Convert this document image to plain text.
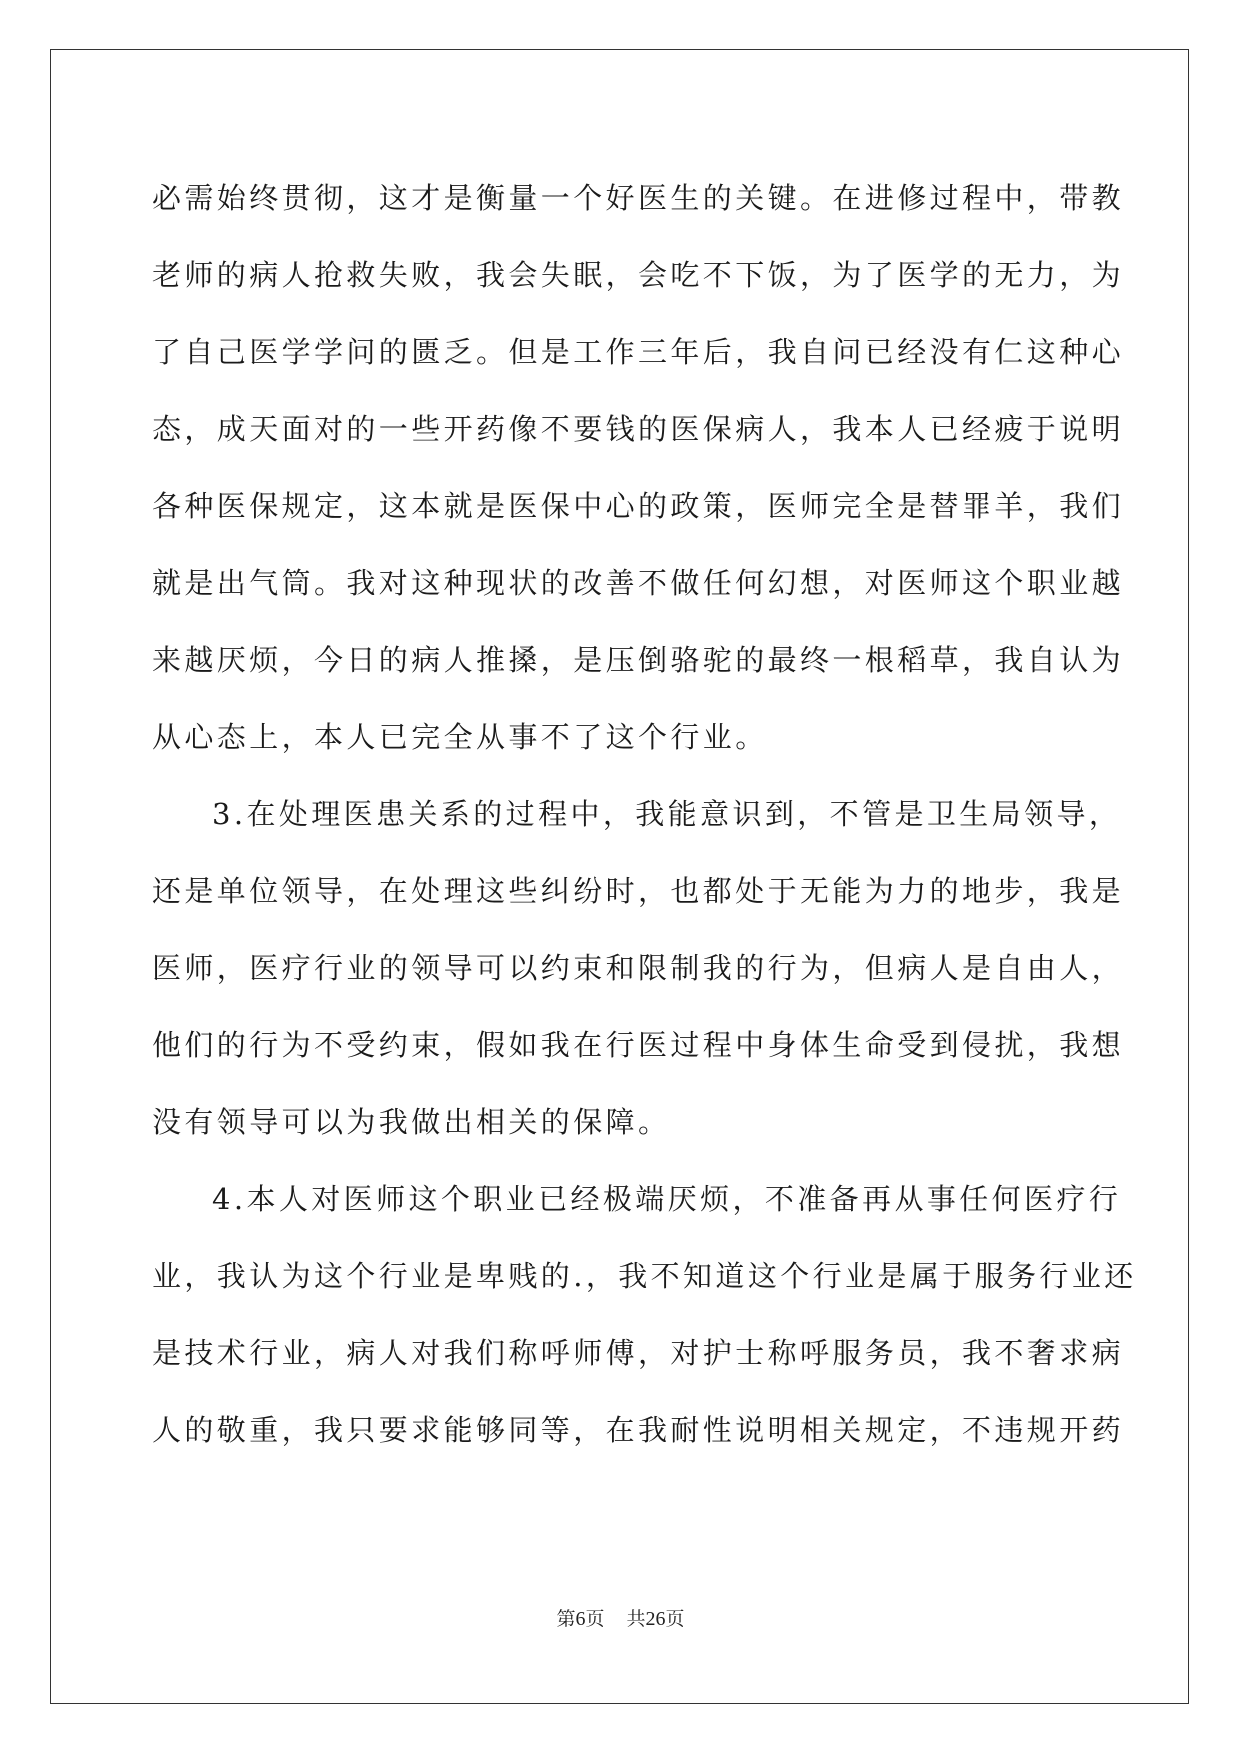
必需始终贯彻，这才是衡量一个好医生的关键。在进修过程中，带教
老师的病人抢救失败，我会失眠，会吃不下饭，为了医学的无力，为
了自己医学学问的匮乏。但是工作三年后，我自问已经没有仁这种心
态，成天面对的一些开药像不要钱的医保病人，我本人已经疲于说明
各种医保规定，这本就是医保中心的政策，医师完全是替罪羊，我们
就是出气筒。我对这种现状的改善不做任何幻想，对医师这个职业越
来越厌烦，今日的病人推搡，是压倒骆驼的最终一根稻草，我自认为
从心态上，本人已完全从事不了这个行业。
3.在处理医患关系的过程中，我能意识到，不管是卫生局领导，
还是单位领导，在处理这些纠纷时，也都处于无能为力的地步，我是
医师，医疗行业的领导可以约束和限制我的行为，但病人是自由人，
他们的行为不受约束，假如我在行医过程中身体生命受到侵扰，我想
没有领导可以为我做出相关的保障。
4.本人对医师这个职业已经极端厌烦，不准备再从事任何医疗行
业，我认为这个行业是卑贱的.，我不知道这个行业是属于服务行业还
是技术行业，病人对我们称呼师傅，对护士称呼服务员，我不奢求病
人的敬重，我只要求能够同等，在我耐性说明相关规定，不违规开药
第6页 共26页
